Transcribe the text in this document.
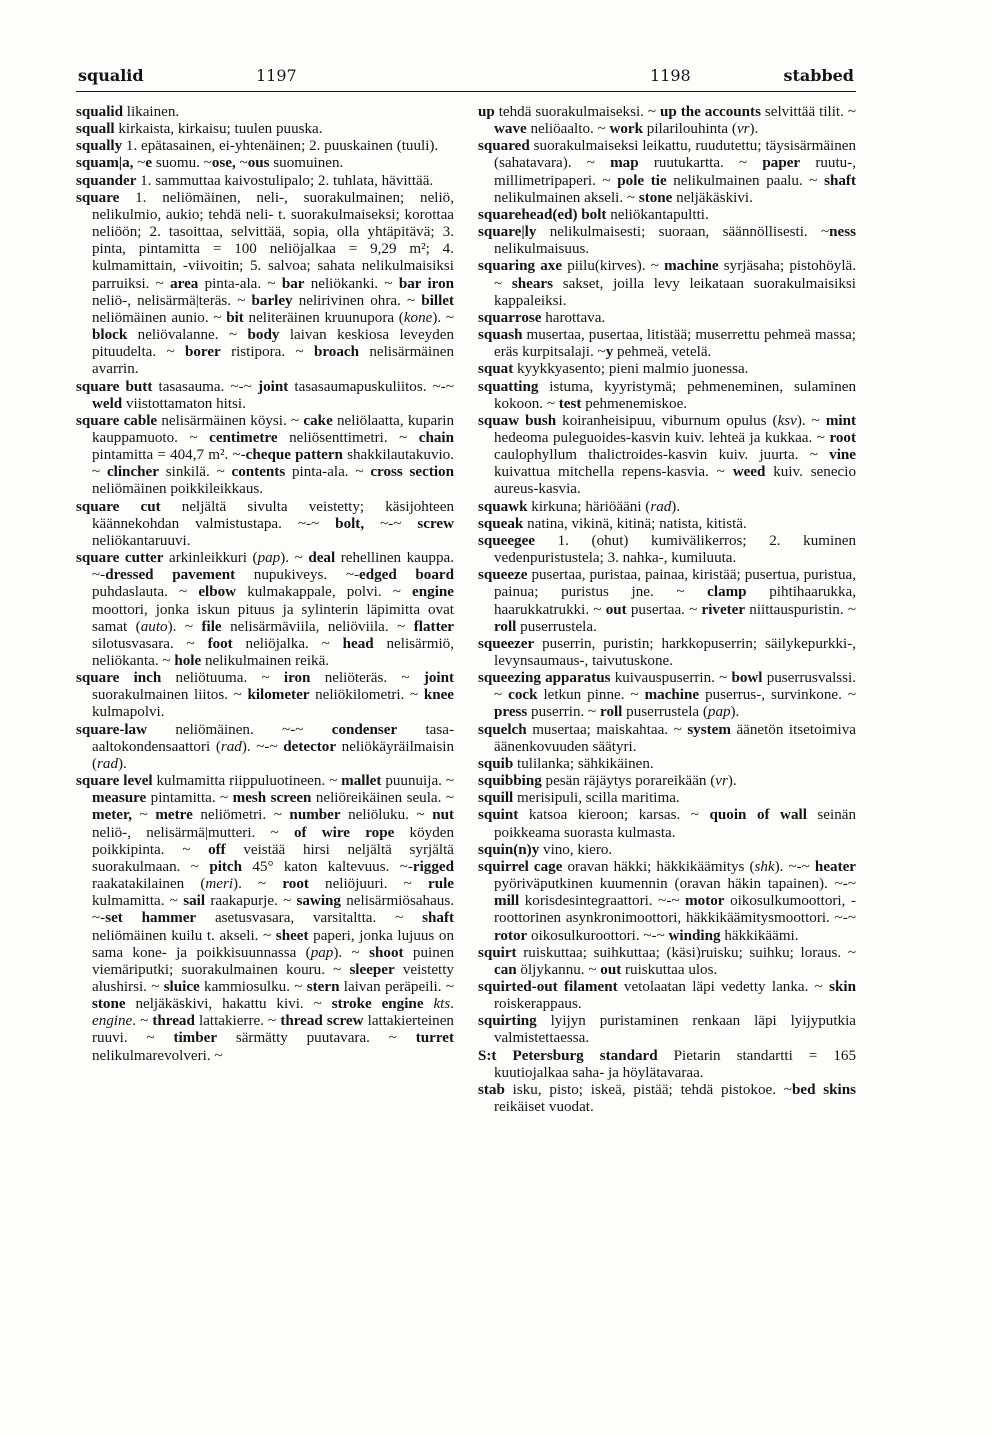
squalid	1197	1198	stabbed

squalid likainen.

squall kirkaista, kirkaisu; tuulen puuska.

squally 1. epätasainen, ei-yhtenäinen; 2. puuskainen (tuuli).

squam|a, ~e suomu. ~ose, ~ous suomuinen.

squander 1. sammuttaa kaivostulipalo; 2. tuhlata, hävittää.

square 1. neliömäinen, neli-, suorakulmainen; neliö, nelikulmio, aukio; tehdä neli- t. suorakulmaiseksi; korottaa neliöön; 2. tasoittaa, selvittää, sopia, olla yhtäpitävä; 3. pinta, pintamitta = 100 neliöjalkaa = 9,29 m²; 4. kulmamittain, -viivoitin; 5. salvoa; sahata nelikulmaisiksi parruiksi. ~ area pinta-ala. ~ bar neliökanki. ~ bar iron neliö-, nelisärmä|teräs. ~ barley nelirivinen ohra. ~ billet neliömäinen aunio. ~ bit neliteräinen kruunupora (kone). ~ block neliövalanne. ~ body laivan keskiosa leveyden pituudelta. ~ borer ristipora. ~ broach nelisärmäinen avarrin.

square butt tasasauma. ~-~ joint tasasaumapuskuliitos. ~-~ weld viistottamaton hitsi.

square cable nelisärmäinen köysi. ~ cake neliölaatta, kuparin kauppamuoto. ~ centimetre neliösenttimetri. ~ chain pintamitta = 404,7 m². ~-cheque pattern shakkilautakuvio. ~ clincher sinkilä. ~ contents pinta-ala. ~ cross section neliömäinen poikkileikkaus.

square cut neljältä sivulta veistetty; käsijohteen käännekohdan valmistustapa. ~-~ bolt, ~-~ screw neliökantaruuvi.

square cutter arkinleikkuri (pap). ~ deal rehellinen kauppa. ~-dressed pavement nupukiveys. ~-edged board puhdaslauta. ~ elbow kulmakappale, polvi. ~ engine moottori, jonka iskun pituus ja sylinterin läpimitta ovat samat (auto). ~ file nelisärmäviila, neliöviila. ~ flatter silotusvasara. ~ foot neliöjalka. ~ head nelisärmiö, neliökanta. ~ hole nelikulmainen reikä.

square inch neliötuuma. ~ iron neliöteräs. ~ joint suorakulmainen liitos. ~ kilometer neliökilometri. ~ knee kulmapolvi.

square-law neliömäinen. ~-~ condenser tasa-aaltokondensaattori (rad). ~-~ detector neliökäyräilmaisin (rad).

square level kulmamitta riippuluotineen. ~ mallet puunuija. ~ measure pintamitta. ~ mesh screen neliöreikäinen seula. ~ meter, ~ metre neliömetri. ~ number neliöluku. ~ nut neliö-, nelisärmä|mutteri. ~ of wire rope köyden poikkipinta. ~ off veistää hirsi neljältä syrjältä suorakulmaan. ~ pitch 45° katon kaltevuus. ~-rigged raakatakilainen (meri). ~ root neliöjuuri. ~ rule kulmamitta. ~ sail raakapurje. ~ sawing nelisärmiösahaus. ~-set hammer asetusvasara, varsitaltta. ~ shaft neliömäinen kuilu t. akseli. ~ sheet paperi, jonka lujuus on sama kone- ja poikkisuunnassa (pap). ~ shoot puinen viemäriputki; suorakulmainen kouru. ~ sleeper veistetty alushirsi. ~ sluice kammiosulku. ~ stern laivan peräpeili. ~ stone neljäkäskivi, hakattu kivi. ~ stroke engine kts. engine. ~ thread lattakierre. ~ thread screw lattakierteinen ruuvi. ~ timber särmätty puutavara. ~ turret nelikulmarevolveri. ~

up tehdä suorakulmaiseksi. ~ up the accounts selvittää tilit. ~ wave neliöaalto. ~ work pilarilouhinta (vr).

squared suorakulmaiseksi leikattu, ruudutettu; täysisärmäinen (sahatavara). ~ map ruutukartta. ~ paper ruutu-, millimetripaperi. ~ pole tie nelikulmainen paalu. ~ shaft nelikulmainen akseli. ~ stone neljäkäskivi.

squarehead(ed) bolt neliökantapultti.

square|ly nelikulmaisesti; suoraan, säännöllisesti. ~ness nelikulmaisuus.

squaring axe piilu(kirves). ~ machine syrjäsaha; pistohöylä. ~ shears sakset, joilla levy leikataan suorakulmaisiksi kappaleiksi.

squarrose harottava.

squash musertaa, pusertaa, litistää; muserrettu pehmeä massa; eräs kurpitsalaji. ~y pehmeä, vetelä.

squat kyykkyasento; pieni malmio juonessa.

squatting istuma, kyyristymä; pehmeneminen, sulaminen kokoon. ~ test pehmenemiskoe.

squaw bush koiranheisipuu, viburnum opulus (ksv). ~ mint hedeoma puleguoides-kasvin kuiv. lehteä ja kukkaa. ~ root caulophyllum thalictroides-kasvin kuiv. juurta. ~ vine kuivattua mitchella repens-kasvia. ~ weed kuiv. senecio aureus-kasvia.

squawk kirkuna; häriöääni (rad).

squeak natina, vikinä, kitinä; natista, kitistä.

squeegee 1. (ohut) kumivälikerros; 2. kuminen vedenpuristustela; 3. nahka-, kumiluuta.

squeeze pusertaa, puristaa, painaa, kiristää; pusertua, puristua, painua; puristus jne. ~ clamp pihtihaarukka, haarukkatrukki. ~ out pusertaa. ~ riveter niittauspuristin. ~ roll puserrustela.

squeezer puserrin, puristin; harkkopuserrin; säilykepurkki-, levynsaumaus-, taivutuskone.

squeezing apparatus kuivauspuserrin. ~ bowl puserrusvalssi. ~ cock letkun pinne. ~ machine puserrus-, survinkone. ~ press puserrin. ~ roll puserrustela (pap).

squelch musertaa; maiskahtaa. ~ system äänetön itsetoimiva äänenkovuuden säätyri.

squib tulilanka; sähkikäinen.

squibbing pesän räjäytys porareikään (vr).

squill merisipuli, scilla maritima.

squint katsoa kieroon; karsas. ~ quoin of wall seinän poikkeama suorasta kulmasta.

squin(n)y vino, kiero.

squirrel cage oravan häkki; häkkikäämitys (shk). ~-~ heater pyöriväputkinen kuumennin (oravan häkin tapainen). ~-~ mill korisdesintegraattori. ~-~ motor oikosulkumoottori, -roottorinen asynkronimoottori, häkkikäämitysmoottori. ~-~ rotor oikosulkuroottori. ~-~ winding häkkikäämi.

squirt ruiskuttaa; suihkuttaa; (käsi)ruisku; suihku; loraus. ~ can öljykannu. ~ out ruiskuttaa ulos.

squirted-out filament vetolaatan läpi vedetty lanka. ~ skin roiskerappaus.

squirting lyijyn puristaminen renkaan läpi lyijyputkia valmistettaessa.

S:t Petersburg standard Pietarin standartti = 165 kuutiojalkaa saha- ja höylätavaraa.

stab isku, pisto; iskeä, pistää; tehdä pistokoe. ~bed skins reikäiset vuodat.
